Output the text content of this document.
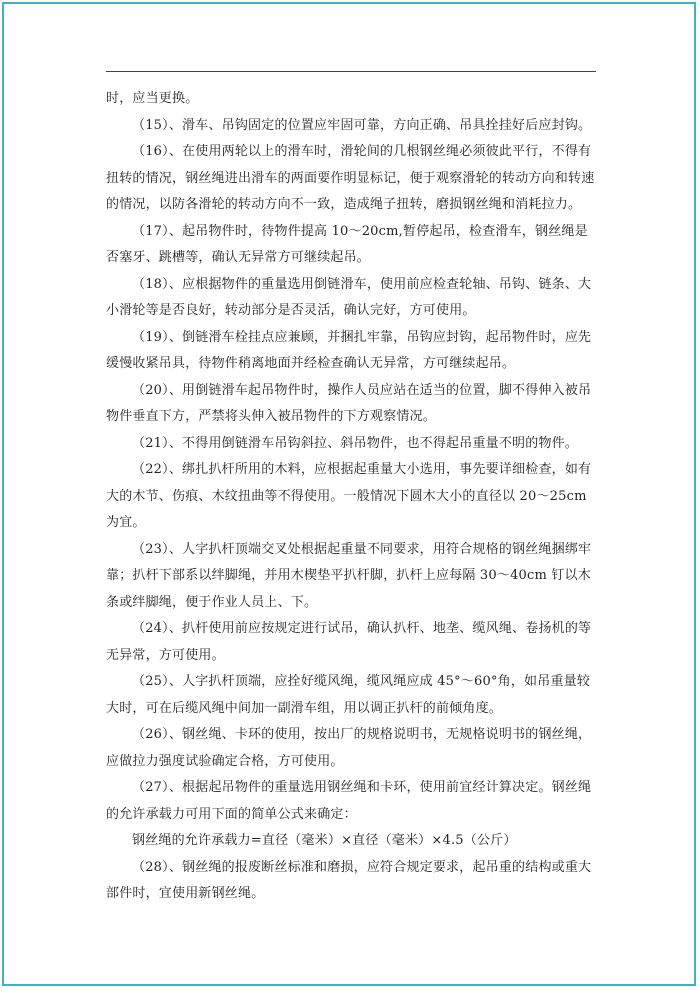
时，应当更换。

（15）、滑车、吊钩固定的位置应牢固可靠，方向正确、吊具拴挂好后应封钩。

（16）、在使用两轮以上的滑车时，滑轮间的几根钢丝绳必须彼此平行，不得有扭转的情况，钢丝绳进出滑车的两面要作明显标记，便于观察滑轮的转动方向和转速的情况，以防各滑轮的转动方向不一致，造成绳子扭转，磨损钢丝绳和消耗拉力。

（17）、起吊物件时，待物件提高 10～20cm,暂停起吊，检查滑车，钢丝绳是否塞牙、跳槽等，确认无异常方可继续起吊。

（18）、应根据物件的重量选用倒链滑车，使用前应检查轮轴、吊钩、链条、大小滑轮等是否良好，转动部分是否灵活，确认完好，方可使用。

（19）、倒链滑车栓挂点应兼顾，并捆扎牢靠，吊钩应封钩，起吊物件时，应先缓慢收紧吊具，待物件稍离地面并经检查确认无异常，方可继续起吊。

（20）、用倒链滑车起吊物件时，操作人员应站在适当的位置，脚不得伸入被吊物件垂直下方，严禁将头伸入被吊物件的下方观察情况。

（21）、不得用倒链滑车吊钩斜拉、斜吊物件，也不得起吊重量不明的物件。

（22）、绑扎扒杆所用的木料，应根据起重量大小选用，事先要详细检查，如有大的木节、伤痕、木纹扭曲等不得使用。一般情况下圆木大小的直径以 20～25cm 为宜。

（23）、人字扒杆顶端交叉处根据起重量不同要求，用符合规格的钢丝绳捆绑牢靠；扒杆下部系以绊脚绳，并用木楔垫平扒杆脚，扒杆上应每隔 30～40cm 钉以木条或绊脚绳，便于作业人员上、下。

（24）、扒杆使用前应按规定进行试吊，确认扒杆、地垄、缆风绳、卷扬机的等无异常，方可使用。

（25）、人字扒杆顶端，应拴好缆风绳，缆风绳应成 45°～60°角，如吊重量较大时，可在后缆风绳中间加一副滑车组，用以调正扒杆的前倾角度。

（26）、钢丝绳、卡环的使用，按出厂的规格说明书，无规格说明书的钢丝绳，应做拉力强度试验确定合格，方可使用。

（27）、根据起吊物件的重量选用钢丝绳和卡环，使用前宜经计算决定。钢丝绳的允许承载力可用下面的简单公式来确定：

钢丝绳的允许承载力=直径（毫米）×直径（毫米）×4.5（公斤）

（28）、钢丝绳的报废断丝标准和磨损，应符合规定要求，起吊重的结构或重大部件时，宜使用新钢丝绳。
